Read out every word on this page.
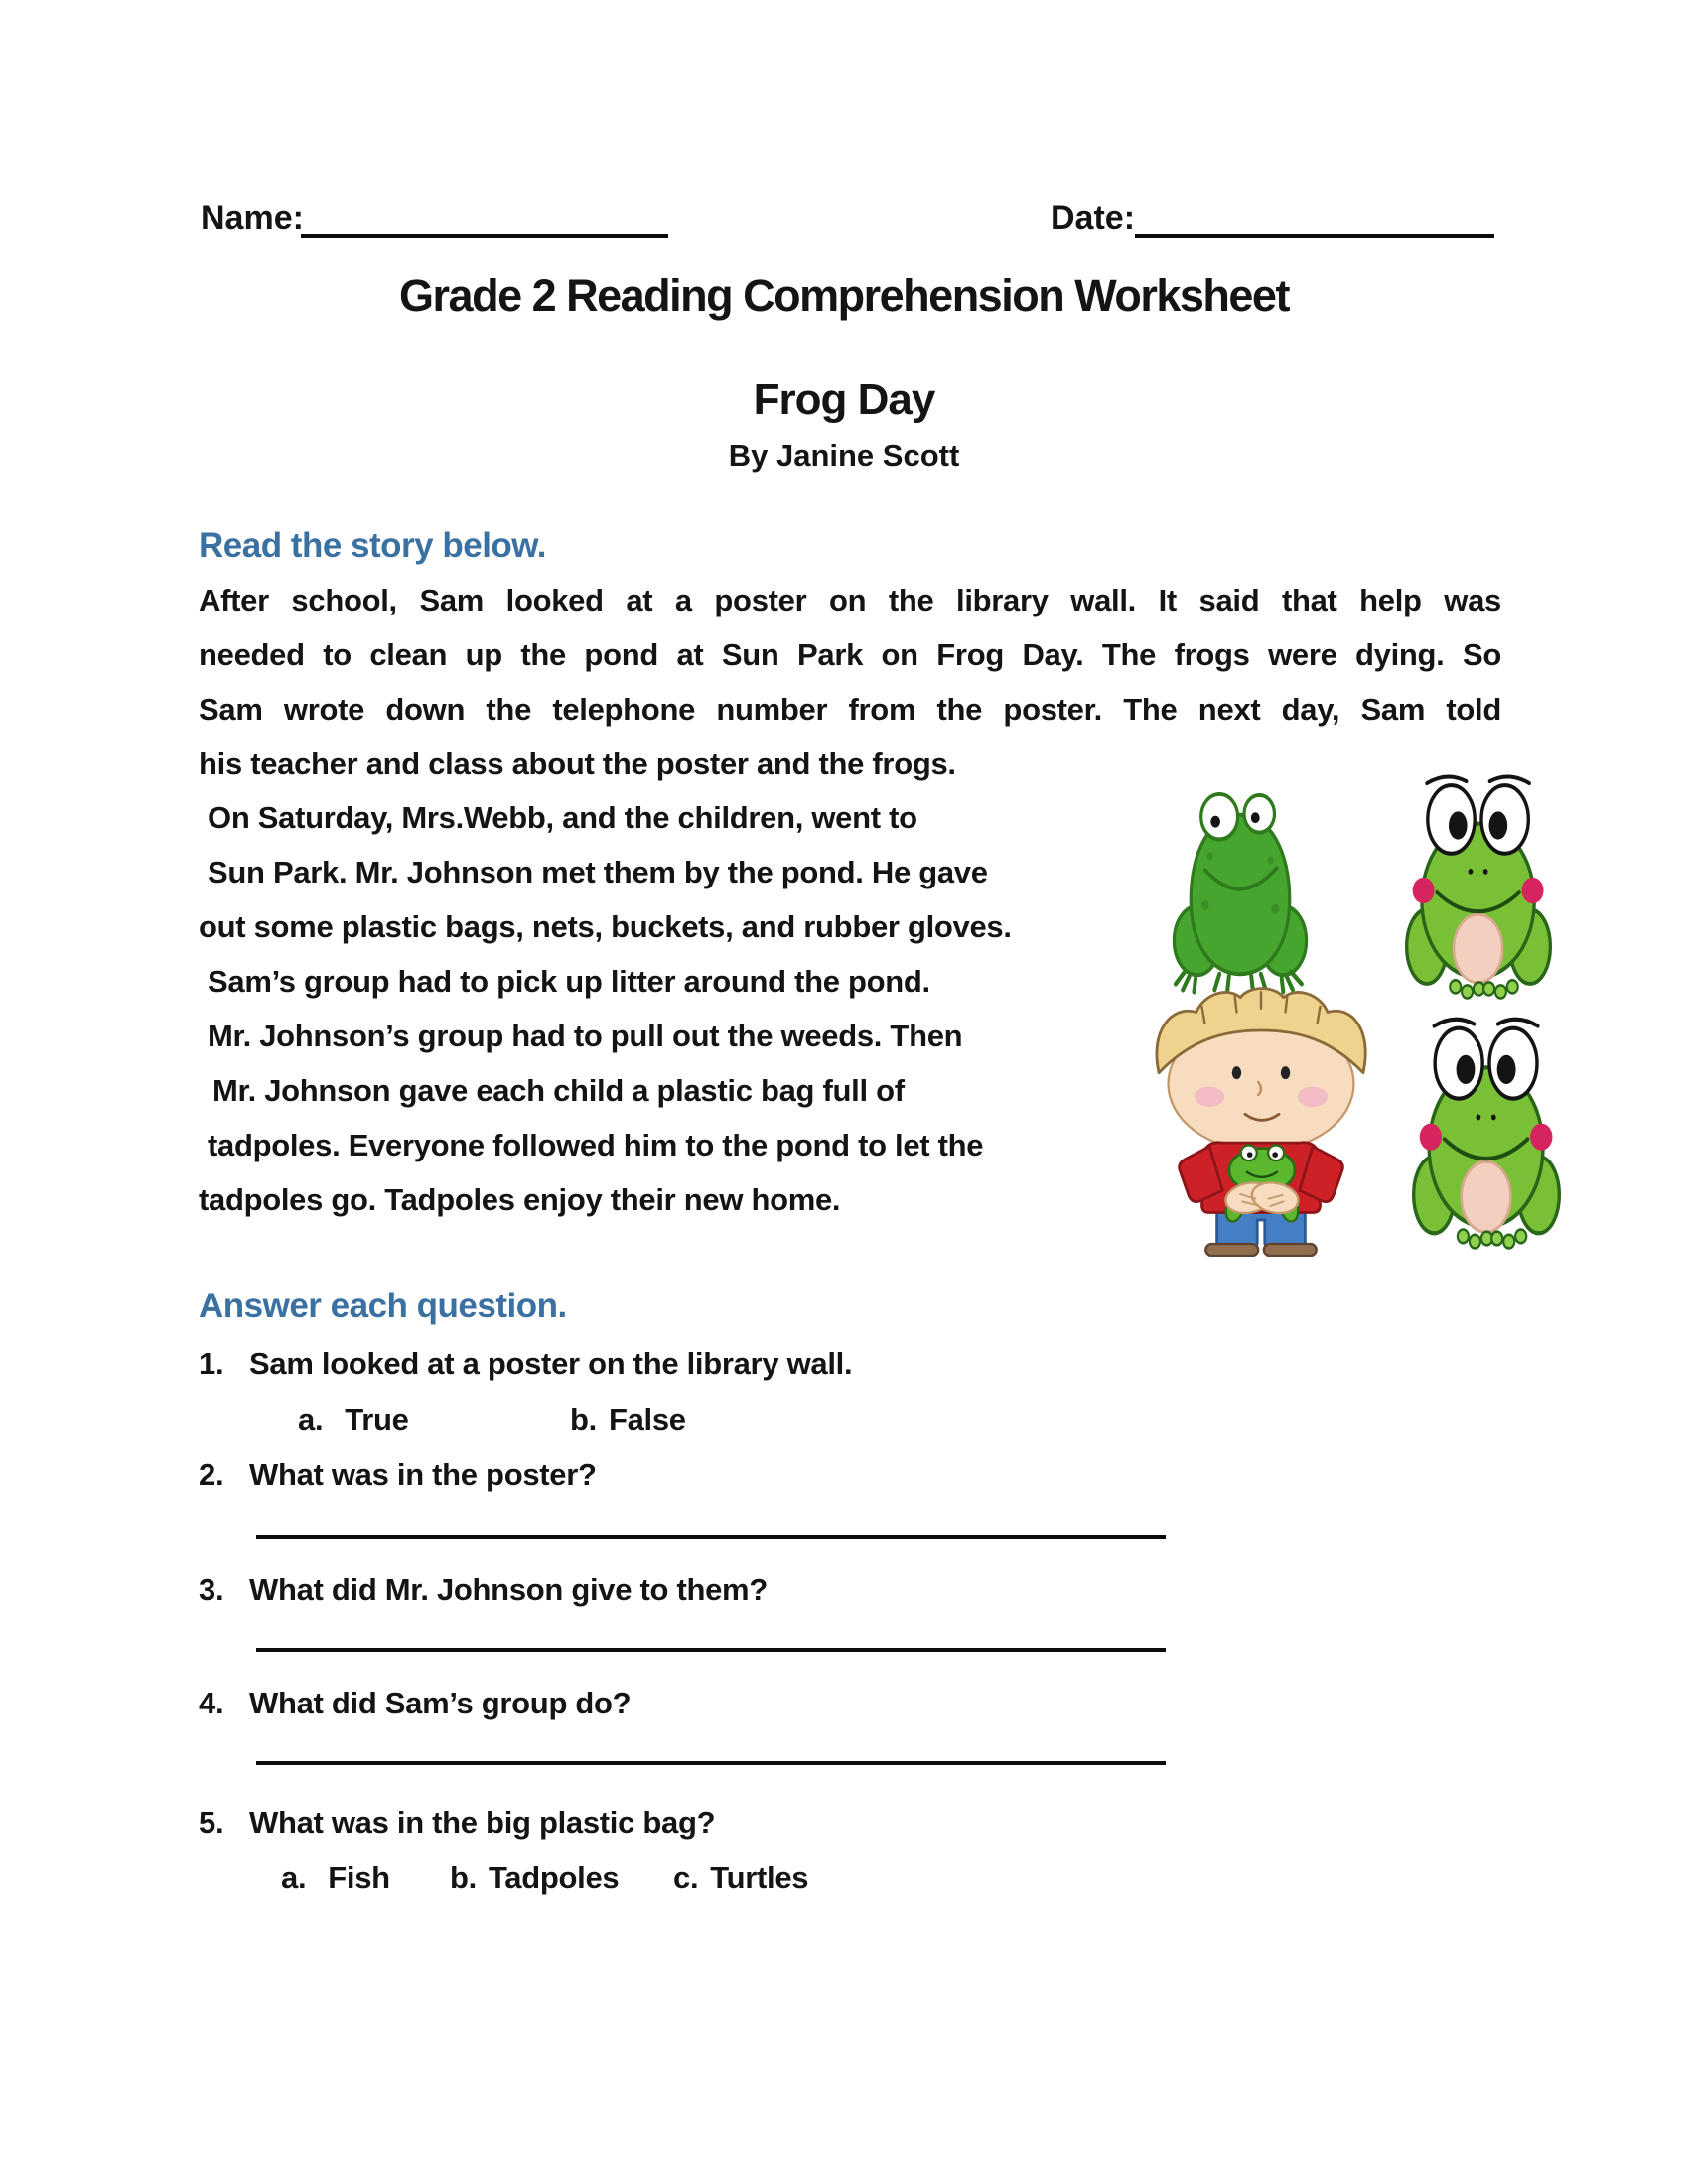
Name:	Date:
Grade 2 Reading Comprehension Worksheet
Frog Day
By Janine Scott
Read the story below.
After school, Sam looked at a poster on the library wall. It said that help was
needed to clean up the pond at Sun Park on Frog Day. The frogs were dying. So
Sam wrote down the telephone number from the poster. The next day, Sam told
his teacher and class about the poster and the frogs.
On Saturday, Mrs.Webb, and the children, went to
Sun Park. Mr. Johnson met them by the pond. He gave
out some plastic bags, nets, buckets, and rubber gloves.
Sam’s group had to pick up litter around the pond.
Mr. Johnson’s group had to pull out the weeds. Then
Mr. Johnson gave each child a plastic bag full of
tadpoles. Everyone followed him to the pond to let the
tadpoles go. Tadpoles enjoy their new home.
Answer each question.
1. Sam looked at a poster on the library wall.
a. True	b. False
2. What was in the poster?
3. What did Mr. Johnson give to them?
4. What did Sam’s group do?
5. What was in the big plastic bag?
a. Fish b. Tadpoles c. Turtles
